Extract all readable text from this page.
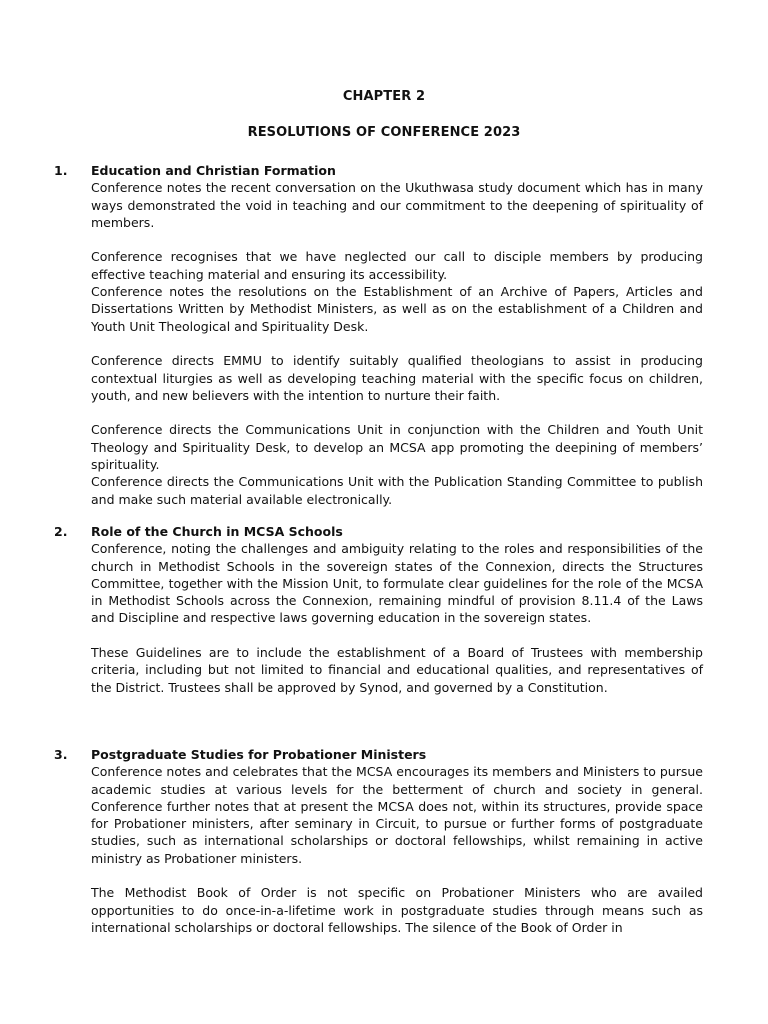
CHAPTER 2
RESOLUTIONS OF CONFERENCE 2023
1. Education and Christian Formation

Conference notes the recent conversation on the Ukuthwasa study document which has in many ways demonstrated the void in teaching and our commitment to the deepening of spirituality of members.

Conference recognises that we have neglected our call to disciple members by producing effective teaching material and ensuring its accessibility.

Conference notes the resolutions on the Establishment of an Archive of Papers, Articles and Dissertations Written by Methodist Ministers, as well as on the establishment of a Children and Youth Unit Theological and Spirituality Desk.

Conference directs EMMU to identify suitably qualified theologians to assist in producing contextual liturgies as well as developing teaching material with the specific focus on children, youth, and new believers with the intention to nurture their faith.

Conference directs the Communications Unit in conjunction with the Children and Youth Unit Theology and Spirituality Desk, to develop an MCSA app promoting the deepining of members’ spirituality.

Conference directs the Communications Unit with the Publication Standing Committee to publish and make such material available electronically.

2. Role of the Church in MCSA Schools

Conference, noting the challenges and ambiguity relating to the roles and responsibilities of the church in Methodist Schools in the sovereign states of the Connexion, directs the Structures Committee, together with the Mission Unit, to formulate clear guidelines for the role of the MCSA in Methodist Schools across the Connexion, remaining mindful of provision 8.11.4 of the Laws and Discipline and respective laws governing education in the sovereign states.

These Guidelines are to include the establishment of a Board of Trustees with membership criteria, including but not limited to financial and educational qualities, and representatives of the District. Trustees shall be approved by Synod, and governed by a Constitution.

3. Postgraduate Studies for Probationer Ministers

Conference notes and celebrates that the MCSA encourages its members and Ministers to pursue academic studies at various levels for the betterment of church and society in general. Conference further notes that at present the MCSA does not, within its structures, provide space for Probationer ministers, after seminary in Circuit, to pursue or further forms of postgraduate studies, such as international scholarships or doctoral fellowships, whilst remaining in active ministry as Probationer ministers.

The Methodist Book of Order is not specific on Probationer Ministers who are availed opportunities to do once-in-a-lifetime work in postgraduate studies through means such as international scholarships or doctoral fellowships. The silence of the Book of Order in
